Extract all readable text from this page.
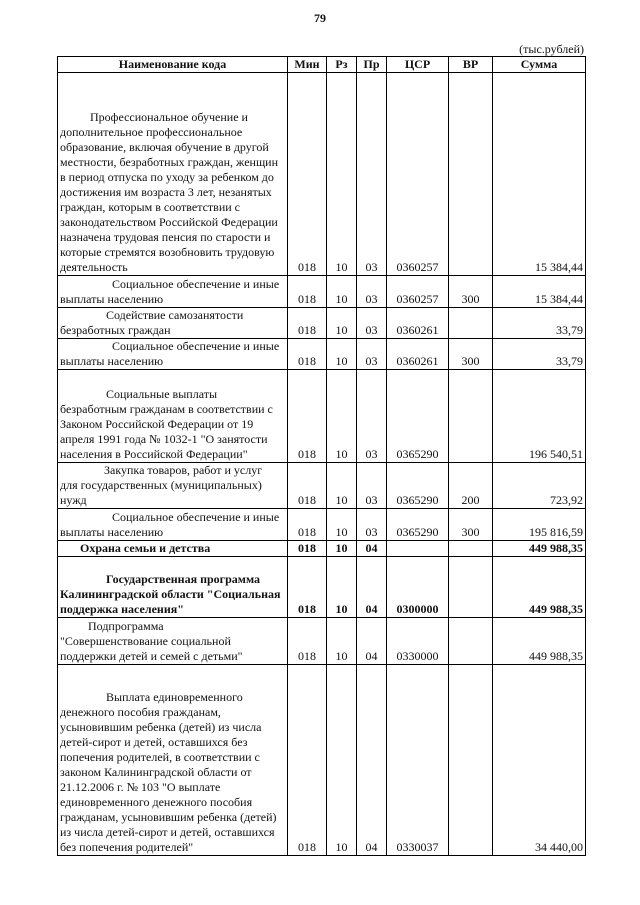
79
(тыс.рублей)
Наименование кода	Мин	Рз	Пр	ЦСР	ВР	Сумма

Профессиональное обучение и
дополнительное профессиональное образование, включая обучение в другой местности, безработных граждан, женщин в период отпуска по уходу за ребенком до достижения им возраста 3 лет, незанятых граждан, которым в соответствии с законодательством Российской Федерации назначена трудовая пенсия по старости и которые стремятся возобновить трудовую деятельность	018	10	03	0360257		15 384,44

Социальное обеспечение и иные
выплаты населению	018	10	03	0360257	300	15 384,44

Содействие самозанятости
безработных граждан	018	10	03	0360261		33,79

Социальное обеспечение и иные
выплаты населению	018	10	03	0360261	300	33,79

Социальные выплаты
безработным гражданам в соответствии с Законом Российской Федерации от 19 апреля 1991 года № 1032-1 "О занятости населения в Российской Федерации"	018	10	03	0365290		196 540,51

Закупка товаров, работ и услуг
для государственных (муниципальных) нужд	018	10	03	0365290	200	723,92

Социальное обеспечение и иные
выплаты населению	018	10	03	0365290	300	195 816,59
Охрана семьи и детства	018	10	04			449 988,35

Государственная программа
Калининградской области "Социальная поддержка населения"	018	10	04	0300000		449 988,35

Подпрограмма
"Совершенствование социальной поддержки детей и семей с детьми"	018	10	04	0330000		449 988,35

Выплата единовременного
денежного пособия гражданам, усыновившим ребенка (детей) из числа детей-сирот и детей, оставшихся без попечения родителей, в соответствии с законом Калининградской области от 21.12.2006 г. № 103 "О выплате единовременного денежного пособия гражданам, усыновившим ребенка (детей) из числа детей-сирот и детей, оставшихся без попечения родителей"	018	10	04	0330037		34 440,00
